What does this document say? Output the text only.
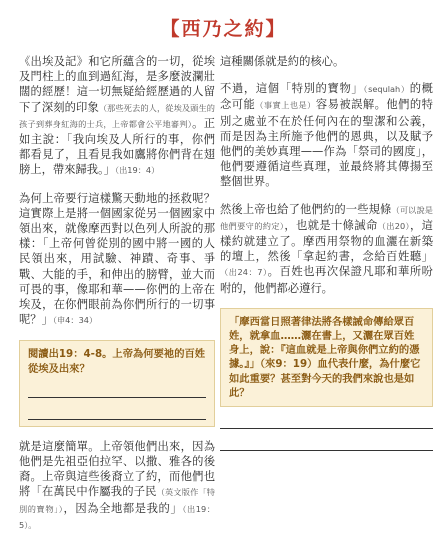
【西乃之約】

《出埃及記》和它所蘊含的一切，從埃及門柱上的血到過紅海，是多麼波瀾壯闊的經歷！這一切無疑給經歷過的人留下了深刻的印象（那些死去的人，從埃及頭生的孩子到葬身紅海的士兵，上帝都會公平地審判）。正如主說：「我向埃及人所行的事，你們都看見了，且看見我如鷹將你們背在翅膀上，帶來歸我。」（出19：4）

為何上帝要行這樣驚天動地的拯救呢？這實際上是將一個國家從另一個國家中領出來，就像摩西對以色列人所說的那樣：「上帝何曾從別的國中將一國的人民領出來，用試驗、神蹟、奇事、爭戰、大能的手，和伸出的膀臂，並大而可畏的事，像耶和華——你們的上帝在埃及，在你們眼前為你們所行的一切事呢？」（申4：34）

閱讀出19：4-8。上帝為何要祂的百姓從埃及出來？

就是這麼簡單。上帝領他們出來，因為他們是先祖亞伯拉罕、以撒、雅各的後裔。上帝與這些後裔立了約，而他們也將「在萬民中作屬我的子民（英文版作「特別的寶物」），因為全地都是我的」（出19：5）。

這種關係就是約的核心。

不過，這個「特別的寶物」（sequlah）的概念可能（事實上也是）容易被誤解。他們的特別之處並不在於任何內在的聖潔和公義，而是因為主所施予他們的恩典，以及賦予他們的美妙真理——作為「祭司的國度」，他們要遵循這些真理，並最終將其傳揚至整個世界。

然後上帝也給了他們約的一些規條（可以說是他們要守的約定），也就是十條誡命（出20），這樣約就建立了。摩西用祭物的血灑在新築的壇上，然後「拿起約書，念給百姓聽」（出24：7）。百姓也再次保證凡耶和華所吩咐的，他們都必遵行。

「摩西當日照著律法將各樣誡命傳給眾百姓，就拿血……灑在書上，又灑在眾百姓身上，說：『這血就是上帝與你們立約的憑據。』」（來9：19）血代表什麼，為什麼它如此重要？甚至對今天的我們來說也是如此？
